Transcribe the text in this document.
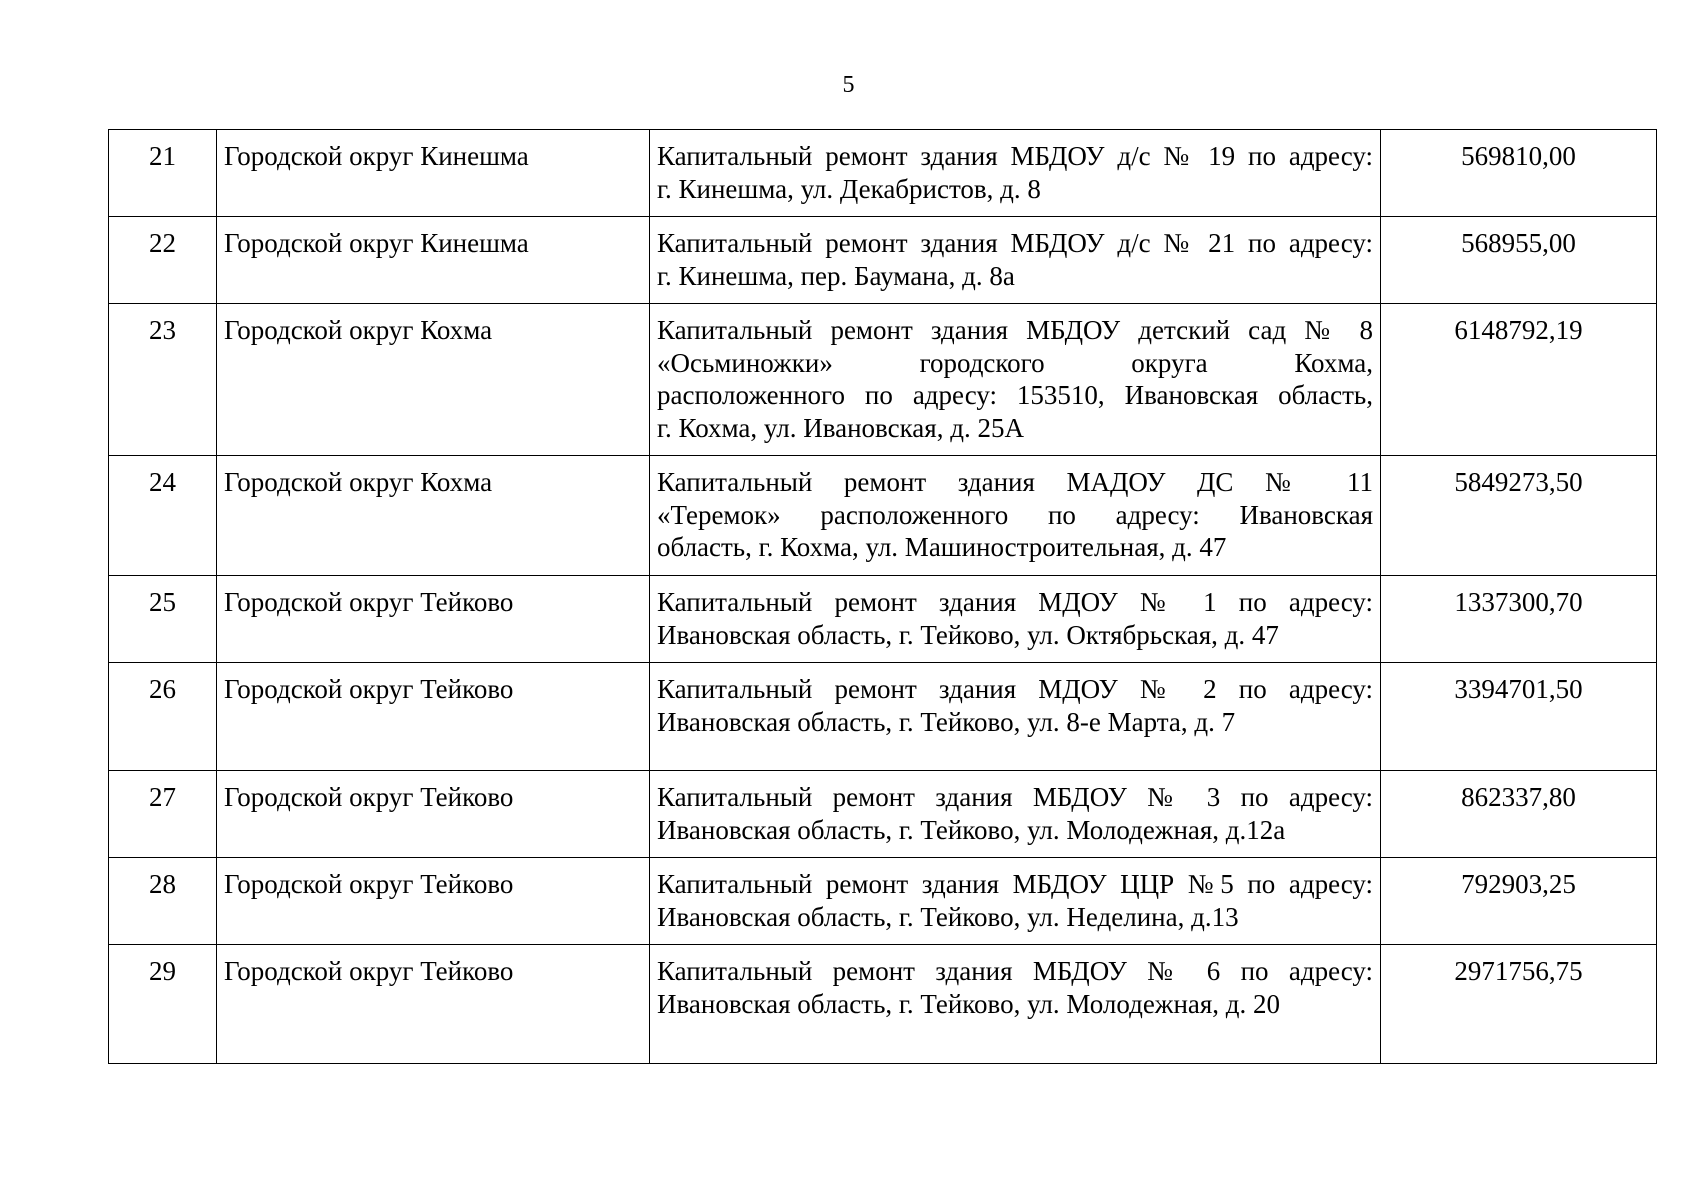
5
21	Городской округ Кинешма	Капитальный ремонт здания МБДОУ д/с № 19 по адресу:
г. Кинешма, ул. Декабристов, д. 8	569810,00
22	Городской округ Кинешма	Капитальный ремонт здания МБДОУ д/с № 21 по адресу:
г. Кинешма, пер. Баумана, д. 8а	568955,00
23	Городской округ Кохма	Капитальный ремонт здания МБДОУ детский сад № 8
«Осьминожки» городского округа Кохма,
расположенного по адресу: 153510, Ивановская область,
г. Кохма, ул. Ивановская, д. 25А	6148792,19
24	Городской округ Кохма	Капитальный ремонт здания МАДОУ ДС № 11
«Теремок» расположенного по адресу: Ивановская
область, г. Кохма, ул. Машиностроительная, д. 47	5849273,50
25	Городской округ Тейково	Капитальный ремонт здания МДОУ № 1 по адресу:
Ивановская область, г. Тейково, ул. Октябрьская, д. 47	1337300,70
26	Городской округ Тейково	Капитальный ремонт здания МДОУ № 2 по адресу:
Ивановская область, г. Тейково, ул. 8-е Марта, д. 7	3394701,50
27	Городской округ Тейково	Капитальный ремонт здания МБДОУ № 3 по адресу:
Ивановская область, г. Тейково, ул. Молодежная, д.12а	862337,80
28	Городской округ Тейково	Капитальный ремонт здания МБДОУ ЦЦР №5 по адресу:
Ивановская область, г. Тейково, ул. Неделина, д.13	792903,25
29	Городской округ Тейково	Капитальный ремонт здания МБДОУ № 6 по адресу:
Ивановская область, г. Тейково, ул. Молодежная, д. 20	2971756,75
